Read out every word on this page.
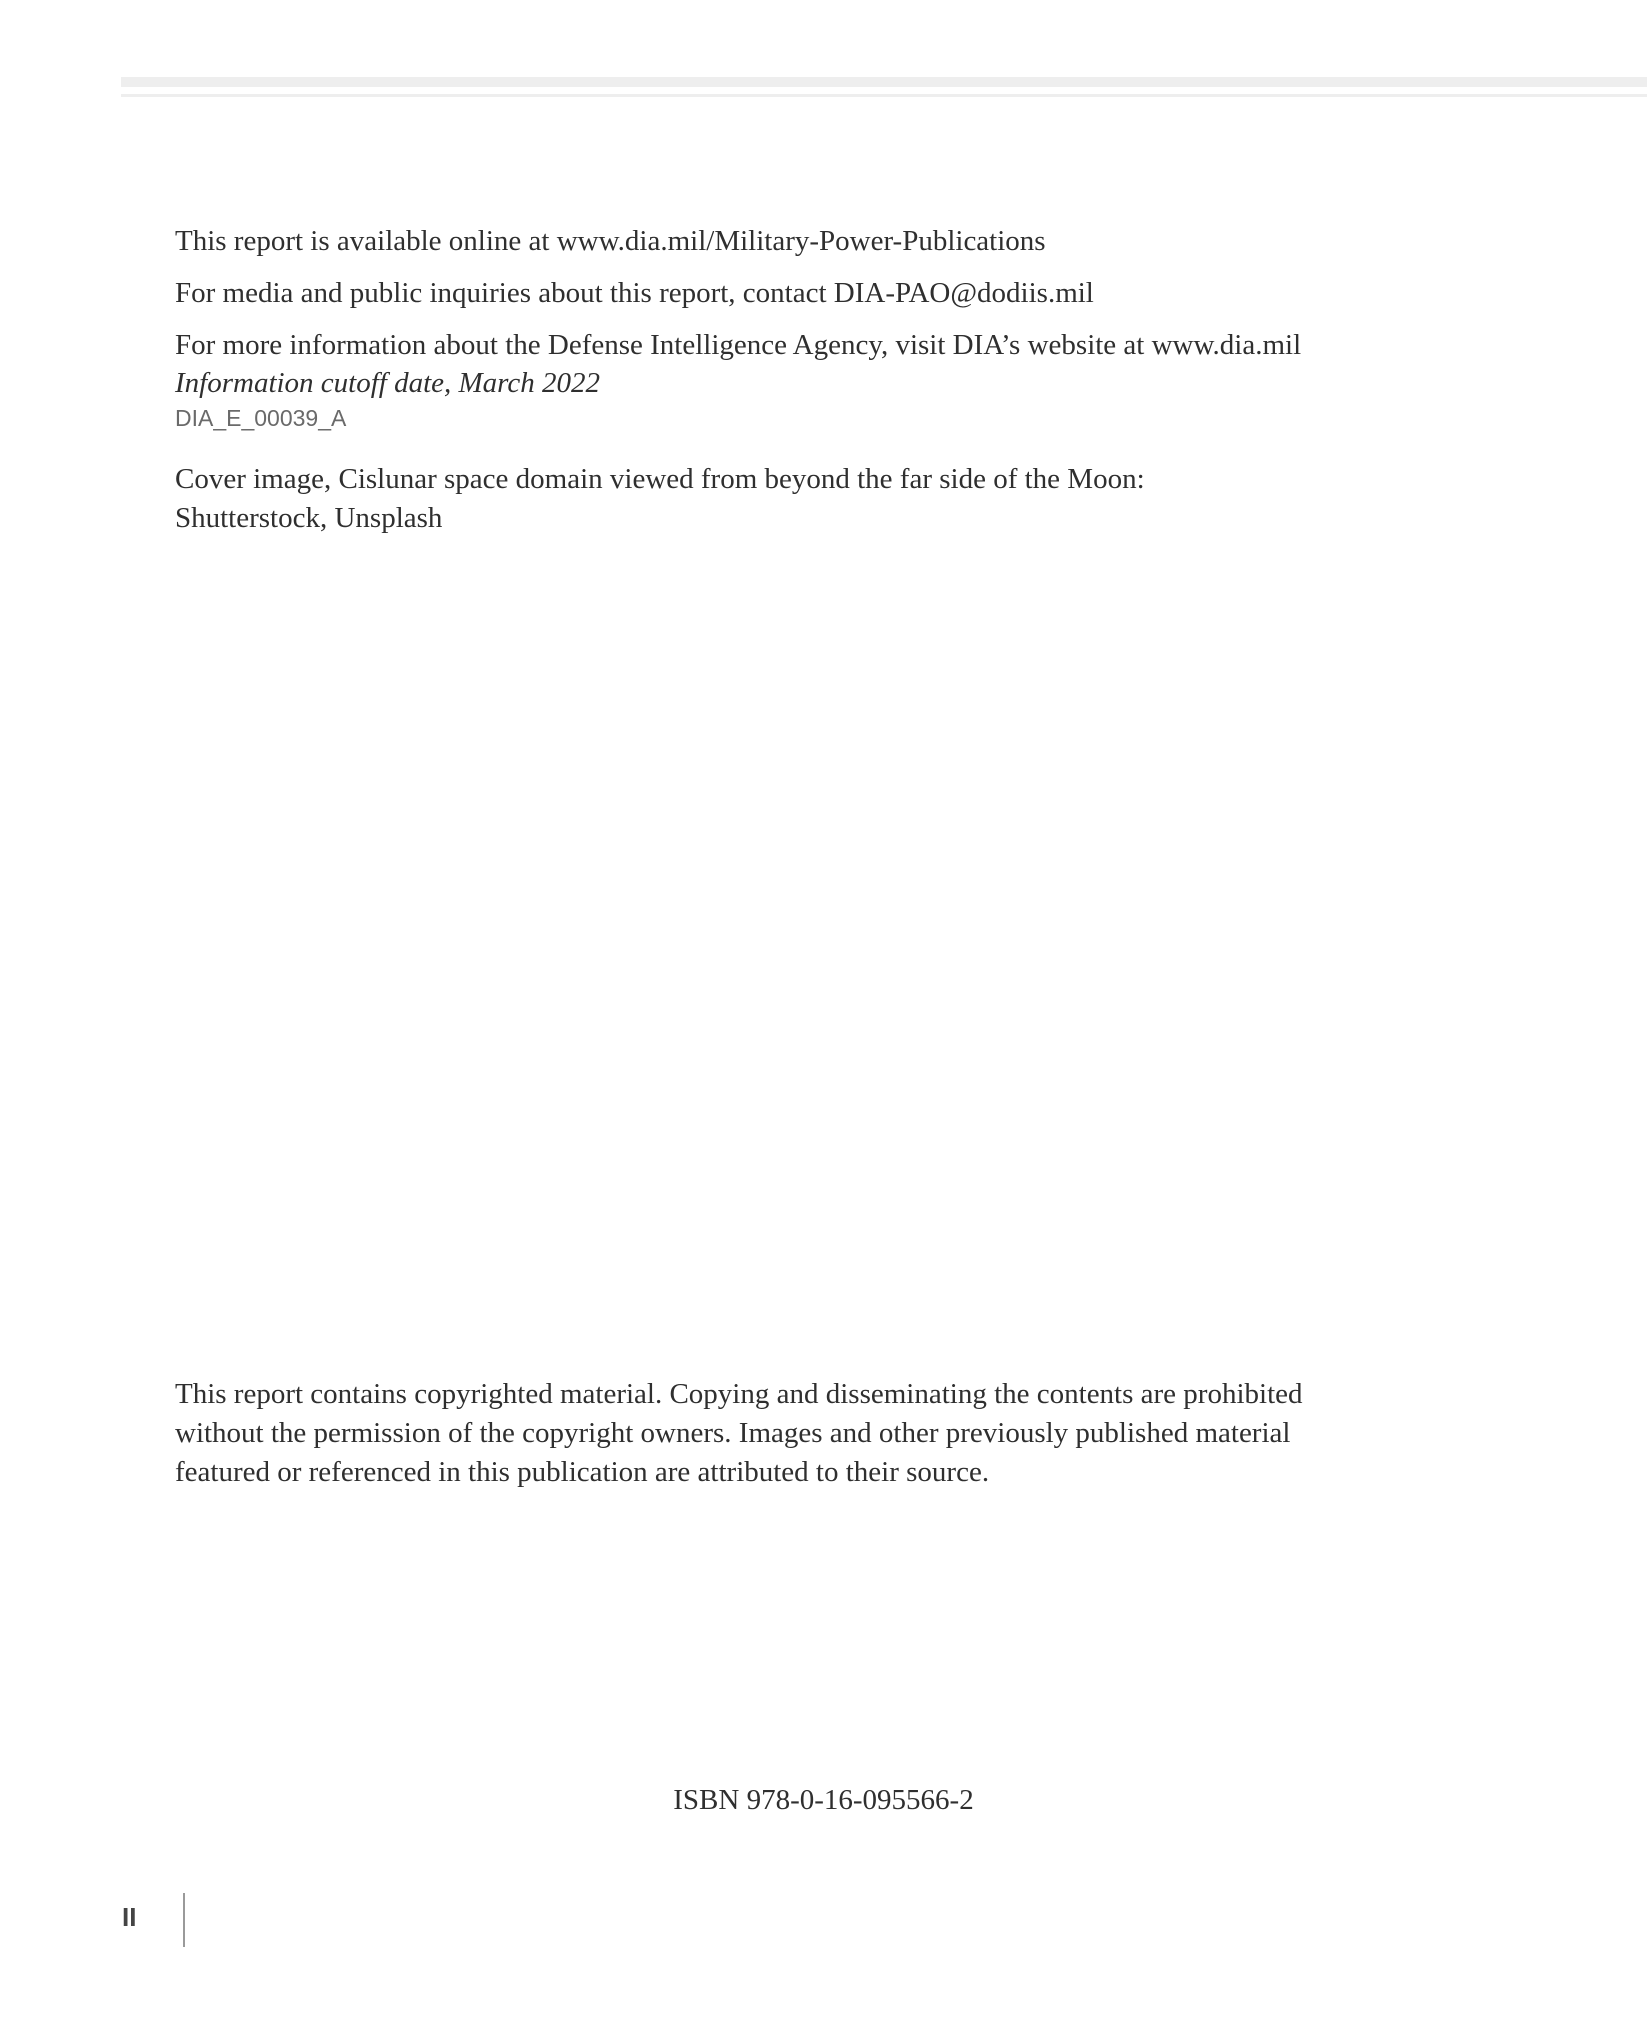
This report is available online at www.dia.mil/Military-Power-Publications
For media and public inquiries about this report, contact DIA-PAO@dodiis.mil
For more information about the Defense Intelligence Agency, visit DIA’s website at www.dia.mil
Information cutoff date, March 2022
DIA_E_00039_A
Cover image, Cislunar space domain viewed from beyond the far side of the Moon:
Shutterstock, Unsplash
This report contains copyrighted material. Copying and disseminating the contents are prohibited
without the permission of the copyright owners. Images and other previously published material
featured or referenced in this publication are attributed to their source.
ISBN 978-0-16-095566-2
II
